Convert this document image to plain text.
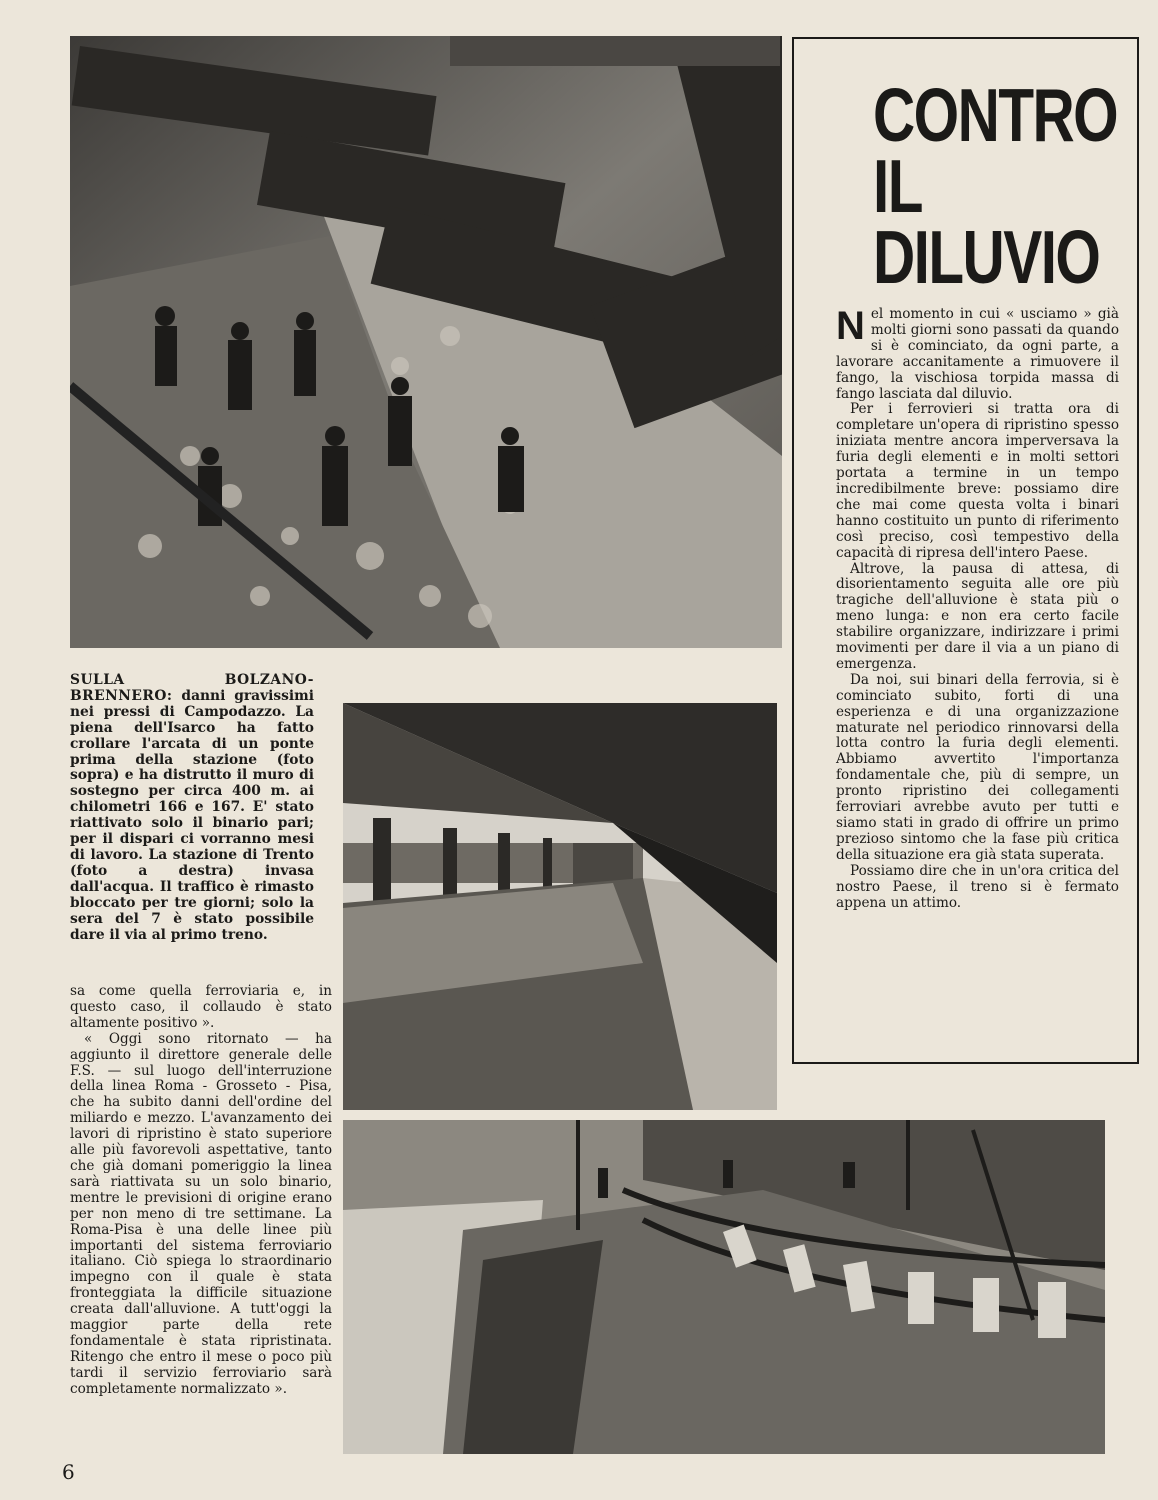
SULLA BOLZANO-BRENNERO: danni gravissimi nei pressi di Campodazzo. La piena dell'Isarco ha fatto crollare l'arcata di un ponte prima della stazione (foto sopra) e ha distrutto il muro di sostegno per circa 400 m. ai chilometri 166 e 167. E' stato riattivato solo il binario pari; per il dispari ci vorranno mesi di lavoro. La stazione di Trento (foto a destra) invasa dall'acqua. Il traffico è rimasto bloccato per tre giorni; solo la sera del 7 è stato possibile dare il via al primo treno.

sa come quella ferroviaria e, in questo caso, il collaudo è stato altamente positivo ».

« Oggi sono ritornato — ha aggiunto il direttore generale delle F.S. — sul luogo dell'interruzione della linea Roma - Grosseto - Pisa, che ha subito danni dell'ordine del miliardo e mezzo. L'avanzamento dei lavori di ripristino è stato superiore alle più favorevoli aspettative, tanto che già domani pomeriggio la linea sarà riattivata su un solo binario, mentre le previsioni di origine erano per non meno di tre settimane. La Roma-Pisa è una delle linee più importanti del sistema ferroviario italiano. Ciò spiega lo straordinario impegno con il quale è stata fronteggiata la difficile situazione creata dall'alluvione. A tutt'oggi la maggior parte della rete fondamentale è stata ripristinata. Ritengo che entro il mese o poco più tardi il servizio ferroviario sarà completamente normalizzato ».

CONTRO
IL
DILUVIO

Nel momento in cui « usciamo » già molti giorni sono passati da quando si è cominciato, da ogni parte, a lavorare accanitamente a rimuovere il fango, la vischiosa torpida massa di fango lasciata dal diluvio.

Per i ferrovieri si tratta ora di completare un'opera di ripristino spesso iniziata mentre ancora imperversava la furia degli elementi e in molti settori portata a termine in un tempo incredibilmente breve: possiamo dire che mai come questa volta i binari hanno costituito un punto di riferimento così preciso, così tempestivo della capacità di ripresa dell'intero Paese.

Altrove, la pausa di attesa, di disorientamento seguita alle ore più tragiche dell'alluvione è stata più o meno lunga: e non era certo facile stabilire organizzare, indirizzare i primi movimenti per dare il via a un piano di emergenza.

Da noi, sui binari della ferrovia, si è cominciato subito, forti di una esperienza e di una organizzazione maturate nel periodico rinnovarsi della lotta contro la furia degli elementi. Abbiamo avvertito l'importanza fondamentale che, più di sempre, un pronto ripristino dei collegamenti ferroviari avrebbe avuto per tutti e siamo stati in grado di offrire un primo prezioso sintomo che la fase più critica della situazione era già stata superata.

Possiamo dire che in un'ora critica del nostro Paese, il treno si è fermato appena un attimo.

6
